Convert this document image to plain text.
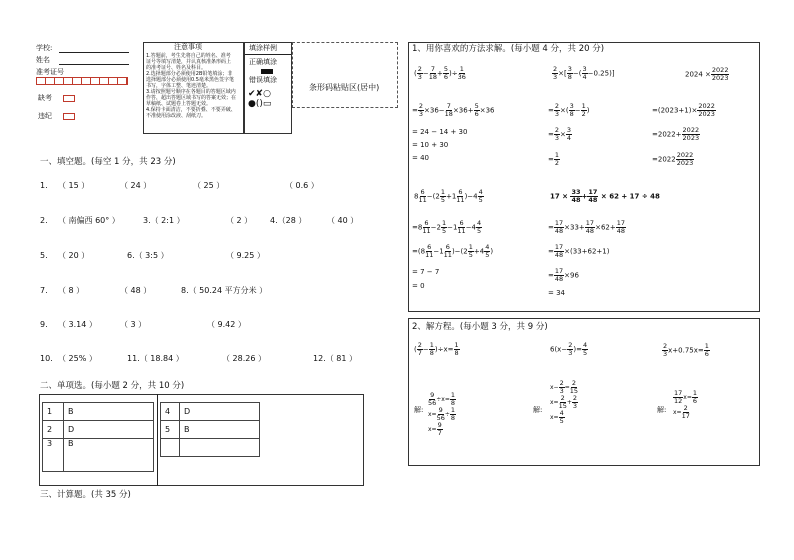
学校:
姓名
准考证号
缺考
违纪
注意事项
1.答题前，考生先将自己的姓名、准考
证号等填写清楚，并认真核准条形码上
的准考证号、姓名及科目。
2.选择题部分必须使用2B铅笔填涂；非
选择题部分必须使用0.5毫米黑色签字笔
书写，字体工整、笔迹清楚。
3.请按照题号顺序在各题目的答题区域内
作答，超出答题区域书写的答案无效；在
草稿纸、试题卷上答题无效。
4.保持卡面清洁，不要折叠、不要弄破、
不准使用涂改液、刮纸刀。
填涂样例
正确填涂
错误填涂
✔✘○
●()▭
条形码粘贴区(居中)
一、填空题。(每空 1 分，共 23 分)
1. （ 15 ）	（ 24 ）	（ 25 ）	（ 0.6 ）
2. （ 南偏西 60° ）	3.（ 2:1 ）	（ 2 ） 4.（28 ）	（ 40 ）
5. （ 20 ）	6.（ 3:5 ）	（ 9.25 ）
7. （ 8 ）	（ 48 ）	8.（ 50.24 平方分米 ）
9. （ 3.14 ）	（ 3 ）	（ 9.42 ）
10. （ 25% ）	11.（ 18.84 ）	（ 28.26 ）	12.（ 81 ）
二、单项选。(每小题 2 分，共 10 分)
1	B
2	D
3	B
4	D
5	B

三、计算题。(共 35 分)
1、用你喜欢的方法求解。(每小题 4 分，共 20 分)
( $\frac{2}{3} - \frac{7}{18} + \frac{5}{6}$ )÷ $\frac{1}{36}$
= $\frac{2}{3} \times 36- \frac{7}{18} \times 36+ \frac{5}{6} \times 36$
= 24 − 14 + 30
= 10 + 30
= 40
$\frac{2}{3}$ ×[ $\frac{3}{8}$ −( $\frac{3}{4} -0.25$)]
= $\frac{2}{3}$ ×( $\frac{3}{8} - \frac{1}{2}$ )
= $\frac{2}{3} \times \frac{3}{4}$
= $\frac{1}{2}$
$2024 \times \frac{2022}{2023}$
$=(2023+1)\times \frac{2022}{2023}$
$=2022+ \frac{2022}{2023}$
$=2022 \frac{2022}{2023}$
$8 \frac{6}{11} -(2 \frac{1}{5} +1 \frac{6}{11} )-4 \frac{4}{5}$
$=8 \frac{6}{11} -2 \frac{1}{5} -1 \frac{6}{11} -4 \frac{4}{5}$
$=(8 \frac{6}{11} -1 \frac{6}{11} )-(2 \frac{1}{5} +4 \frac{4}{5}$ )
= 7 − 7
= 0
$17 \times \frac{33}{48} + \frac{17}{48} \times 62 + 17 \div 48$
= $\frac{17}{48} \times 33+ \frac{17}{48} \times 62+ \frac{17}{48}$
= $\frac{17}{48} \times(33+62+1)$
= $\frac{17}{48} \times 96$
= 34
2、解方程。(每小题 3 分，共 9 分)
( $\frac{2}{7} - \frac{1}{8} )\div x= \frac{1}{8}$	$6(x- \frac{2}{3}$ )= $\frac{4}{5}$	$\frac{2}{3} x+0.75x= \frac{1}{6}$
解:
$\frac{9}{56} \div x= \frac{1}{8}$

$x= \frac{9}{56} \div \frac{1}{8}$

$x= \frac{9}{7}$
解:
$x- \frac{2}{3} = \frac{2}{15}$

$x= \frac{2}{15} + \frac{2}{3}$

$x= \frac{4}{5}$	解:
$\frac{17}{12} x= \frac{1}{6}$

$x= \frac{2}{17}$
